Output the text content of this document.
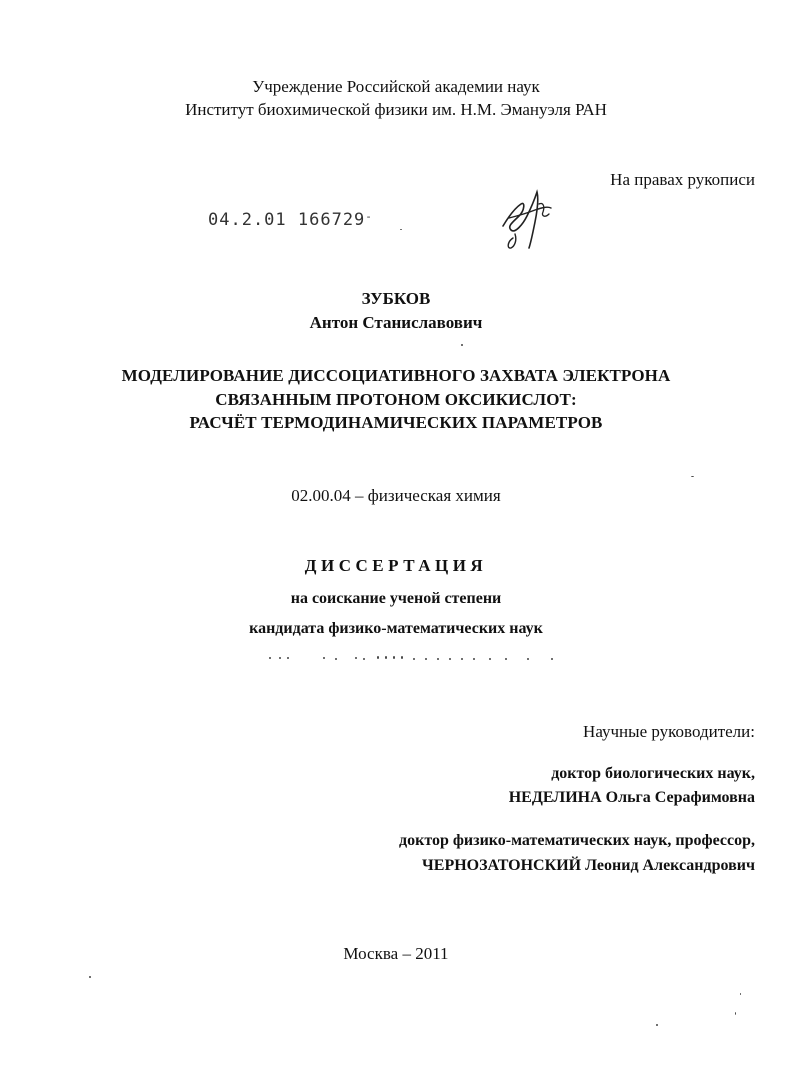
Учреждение Российской академии наук
Институт биохимической физики им. Н.М. Эмануэля РАН
На правах рукописи
04.2.01 166729-
ЗУБКОВ
Антон Станиславович
МОДЕЛИРОВАНИЕ ДИССОЦИАТИВНОГО ЗАХВАТА ЭЛЕКТРОНА
СВЯЗАННЫМ ПРОТОНОМ ОКСИКИСЛОТ:
РАСЧЁТ ТЕРМОДИНАМИЧЕСКИХ ПАРАМЕТРОВ
02.00.04 – физическая химия
ДИССЕРТАЦИЯ
на соискание ученой степени
кандидата физико-математических наук
Научные руководители:
доктор биологических наук,
НЕДЕЛИНА Ольга Серафимовна
доктор физико-математических наук, профессор,
ЧЕРНОЗАТОНСКИЙ Леонид Александрович
Москва – 2011
